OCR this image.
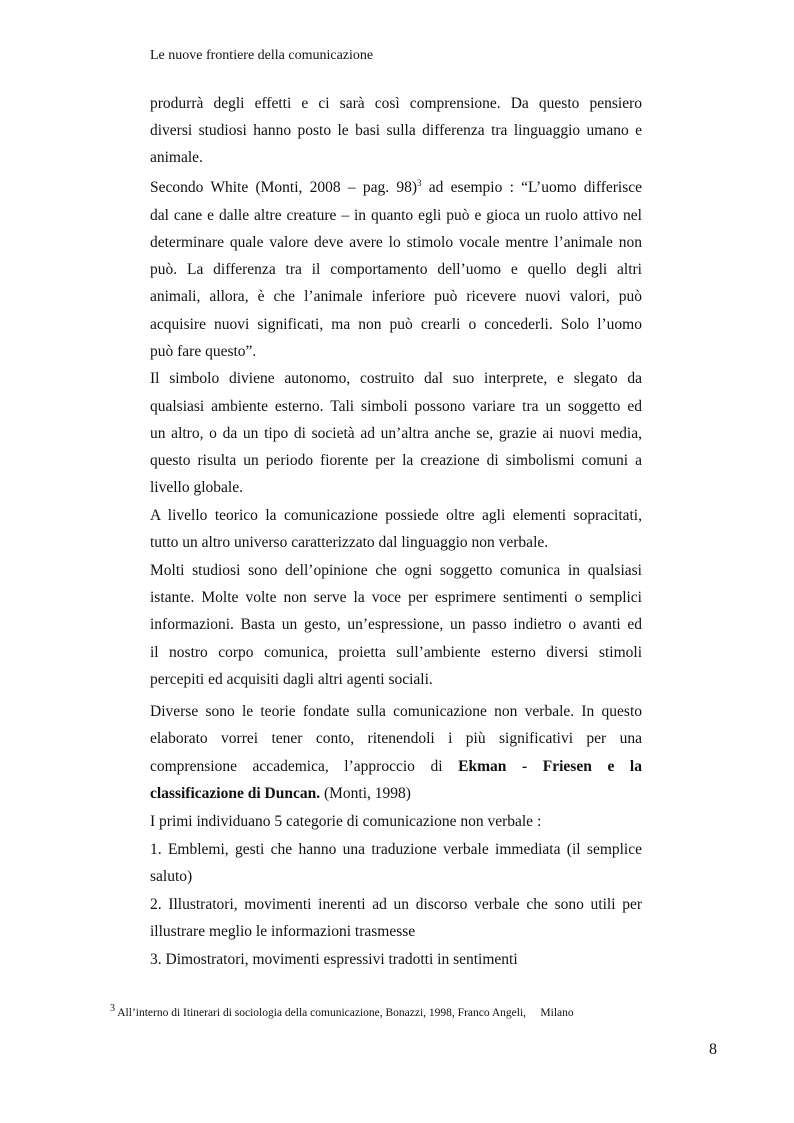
Le nuove frontiere della comunicazione
produrrà degli effetti e ci sarà così comprensione. Da questo pensiero
diversi studiosi hanno posto le basi sulla differenza tra linguaggio umano e
animale.
Secondo White (Monti, 2008 – pag. 98)$^3$ ad esempio : “L’uomo differisce
dal cane e dalle altre creature – in quanto egli può e gioca un ruolo attivo nel
determinare quale valore deve avere lo stimolo vocale mentre l’animale non
può. La differenza tra il comportamento dell’uomo e quello degli altri
animali, allora, è che l’animale inferiore può ricevere nuovi valori, può
acquisire nuovi significati, ma non può crearli o concederli. Solo l’uomo
può fare questo”.
Il simbolo diviene autonomo, costruito dal suo interprete, e slegato da
qualsiasi ambiente esterno. Tali simboli possono variare tra un soggetto ed
un altro, o da un tipo di società ad un’altra anche se, grazie ai nuovi media,
questo risulta un periodo fiorente per la creazione di simbolismi comuni a
livello globale.
A livello teorico la comunicazione possiede oltre agli elementi sopracitati,
tutto un altro universo caratterizzato dal linguaggio non verbale.
Molti studiosi sono dell’opinione che ogni soggetto comunica in qualsiasi
istante. Molte volte non serve la voce per esprimere sentimenti o semplici
informazioni. Basta un gesto, un’espressione, un passo indietro o avanti ed
il nostro corpo comunica, proietta sull’ambiente esterno diversi stimoli
percepiti ed acquisiti dagli altri agenti sociali.
Diverse sono le teorie fondate sulla comunicazione non verbale. In questo
elaborato vorrei tener conto, ritenendoli i più significativi per una
comprensione accademica, l’approccio di Ekman - Friesen e la
classificazione di Duncan. (Monti, 1998)
I primi individuano 5 categorie di comunicazione non verbale :
1. Emblemi, gesti che hanno una traduzione verbale immediata (il semplice
saluto)
2. Illustratori, movimenti inerenti ad un discorso verbale che sono utili per
illustrare meglio le informazioni trasmesse
3. Dimostratori, movimenti espressivi tradotti in sentimenti
$^3$ All’interno di Itinerari di sociologia della comunicazione, Bonazzi, 1998, Franco Angeli,     Milano
8
